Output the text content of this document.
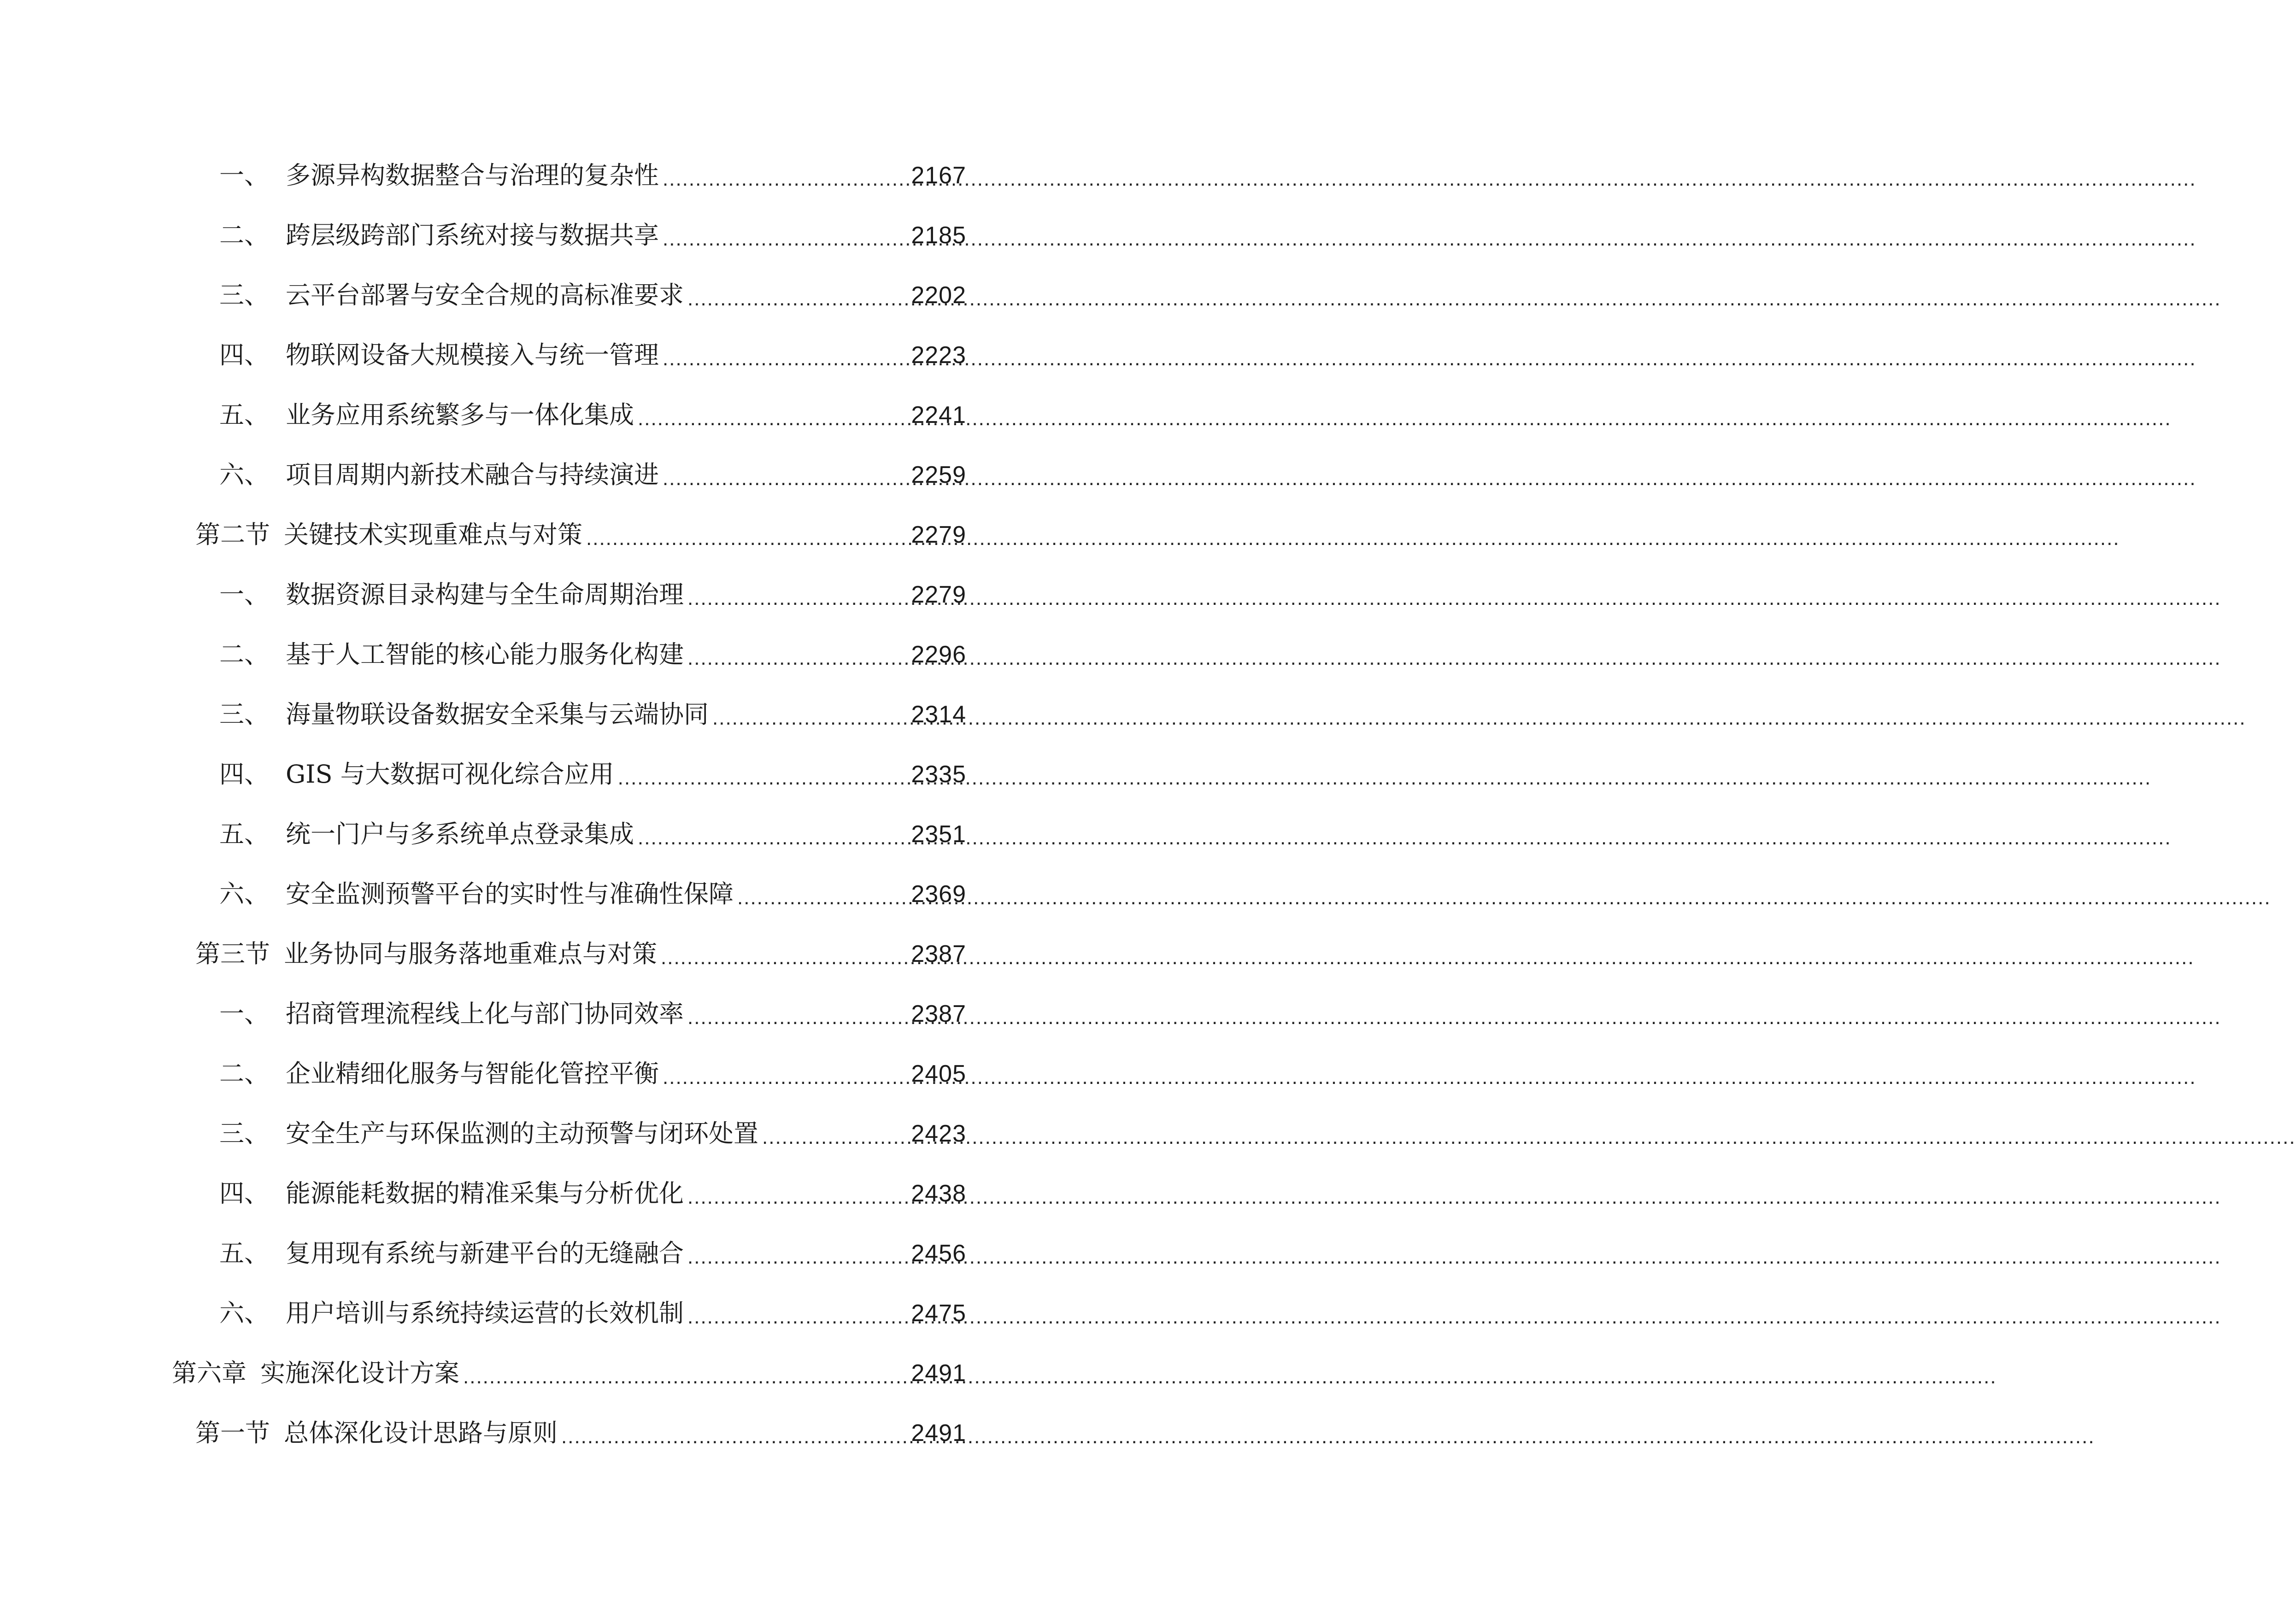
一、 多源异构数据整合与治理的复杂性 .....	2167
二、 跨层级跨部门系统对接与数据共享 .....	2185
三、 云平台部署与安全合规的高标准要求 .....	2202
四、 物联网设备大规模接入与统一管理 .....	2223
五、 业务应用系统繁多与一体化集成 .....	2241
六、 项目周期内新技术融合与持续演进 .....	2259
第二节 关键技术实现重难点与对策 .....	2279
一、 数据资源目录构建与全生命周期治理 .....	2279
二、 基于人工智能的核心能力服务化构建 .....	2296
三、 海量物联设备数据安全采集与云端协同 .....	2314
四、 GIS 与大数据可视化综合应用 .....	2335
五、 统一门户与多系统单点登录集成 .....	2351
六、 安全监测预警平台的实时性与准确性保障 .....	2369
第三节 业务协同与服务落地重难点与对策 .....	2387
一、 招商管理流程线上化与部门协同效率 .....	2387
二、 企业精细化服务与智能化管控平衡 .....	2405
三、 安全生产与环保监测的主动预警与闭环处置 .....	2423
四、 能源能耗数据的精准采集与分析优化 .....	2438
五、 复用现有系统与新建平台的无缝融合 .....	2456
六、 用户培训与系统持续运营的长效机制 .....	2475
第六章 实施深化设计方案 .....	2491
第一节 总体深化设计思路与原则 .....	2491
